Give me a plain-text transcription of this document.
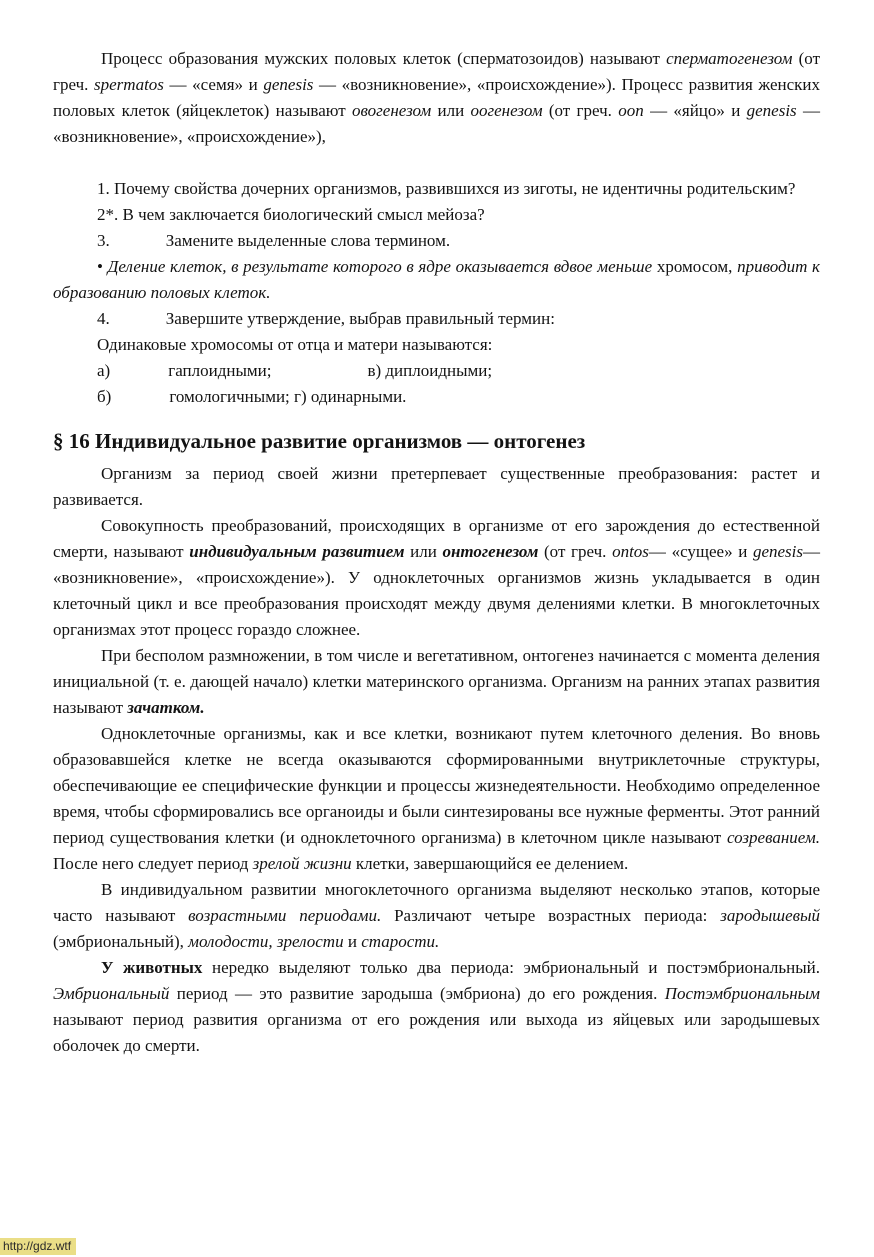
Процесс образования мужских половых клеток (сперматозоидов) называют сперматогенезом (от греч. spermatos — «семя» и genesis — «возникновение», «происхождение»). Процесс развития женских половых клеток (яйцеклеток) называют овогенезом или оогенезом (от греч. oon — «яйцо» и genesis — «возникновение», «происхождение»),

1. Почему свойства дочерних организмов, развившихся из зиготы, не идентичны родительским?

2*. В чем заключается биологический смысл мейоза?

3.	Замените выделенные слова термином.

• Деление клеток, в результате которого в ядре оказывается вдвое меньше хромосом, приводит к образованию половых клеток.

4.	Завершите утверждение, выбрав правильный термин:

Одинаковые хромосомы от отца и матери называются:

а)	гаплоидными;	в) диплоидными;

б)	гомологичными; г) одинарными.

§ 16 Индивидуальное развитие организмов — онтогенез

Организм за период своей жизни претерпевает существенные преобразования: растет и развивается.

Совокупность преобразований, происходящих в организме от его зарождения до естественной смерти, называют индивидуальным развитием или онтогенезом (от греч. ontos— «сущее» и genesis— «возникновение», «происхождение»). У одноклеточных организмов жизнь укладывается в один клеточный цикл и все преобразования происходят между двумя делениями клетки. В многоклеточных организмах этот процесс гораздо сложнее.

При бесполом размножении, в том числе и вегетативном, онтогенез начинается с момента деления инициальной (т. е. дающей начало) клетки материнского организма. Организм на ранних этапах развития называют зачатком.

Одноклеточные организмы, как и все клетки, возникают путем клеточного деления. Во вновь образовавшейся клетке не всегда оказываются сформированными внутриклеточные структуры, обеспечивающие ее специфические функции и процессы жизнедеятельности. Необходимо определенное время, чтобы сформировались все органоиды и были синтезированы все нужные ферменты. Этот ранний период существования клетки (и одноклеточного организма) в клеточном цикле называют созреванием. После него следует период зрелой жизни клетки, завершающийся ее делением.

В индивидуальном развитии многоклеточного организма выделяют несколько этапов, которые часто называют возрастными периодами. Различают четыре возрастных периода: зародышевый (эмбриональный), молодости, зрелости и старости.

У животных нередко выделяют только два периода: эмбриональный и постэмбриональный. Эмбриональный период — это развитие зародыша (эмбриона) до его рождения. Постэмбриональным называют период развития организма от его рождения или выхода из яйцевых или зародышевых оболочек до смерти.

http://gdz.wtf
